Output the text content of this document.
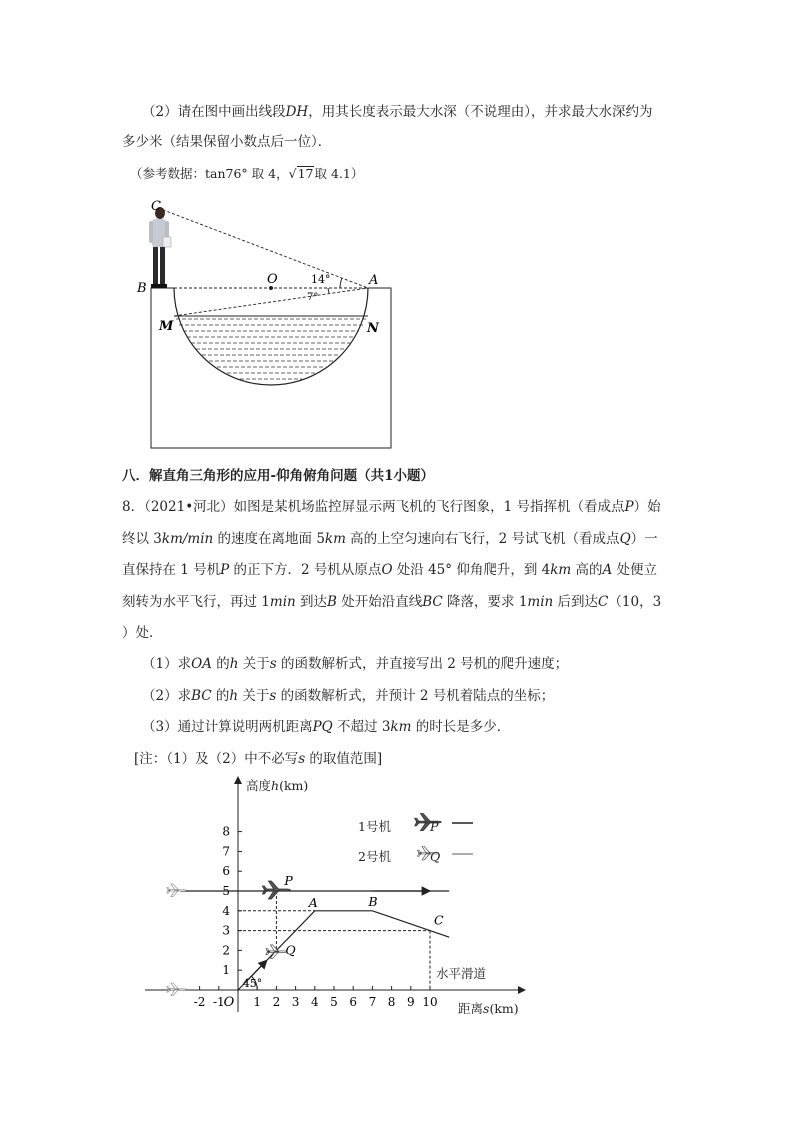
（2）请在图中画出线段DH，用其长度表示最大水深（不说理由），并求最大水深约为
多少米（结果保留小数点后一位）．
（参考数据：tan76° 取 4，√17取 4.1）
C
B
O	A
M	N
14°
7°
八．解直角三角形的应用-仰角俯角问题（共1小题）
8．（2021•河北）如图是某机场监控屏显示两飞机的飞行图象，1 号指挥机（看成点P）始
终以 3km/min 的速度在离地面 5km 高的上空匀速向右飞行，2 号试飞机（看成点Q）一
直保持在 1 号机P 的正下方．2 号机从原点O 处沿 45° 仰角爬升，到 4km 高的A 处便立
刻转为水平飞行，再过 1min 到达B 处开始沿直线BC 降落，要求 1min 后到达C（10，3
）处．
（1）求OA 的h 关于s 的函数解析式，并直接写出 2 号机的爬升速度；
（2）求BC 的h 关于s 的函数解析式，并预计 2 号机着陆点的坐标；
（3）通过计算说明两机距离PQ 不超过 3km 的时长是多少．
[注：（1）及（2）中不必写s 的取值范围]
-2 -1 1 2 3 4 5 6 7 8 9 10
1
2
3
4
5
6
7
8
O
45°
A	B
C
P
Q
高度h(km)
距离s(km)
1号机	P
2号机	Q
水平滑道
